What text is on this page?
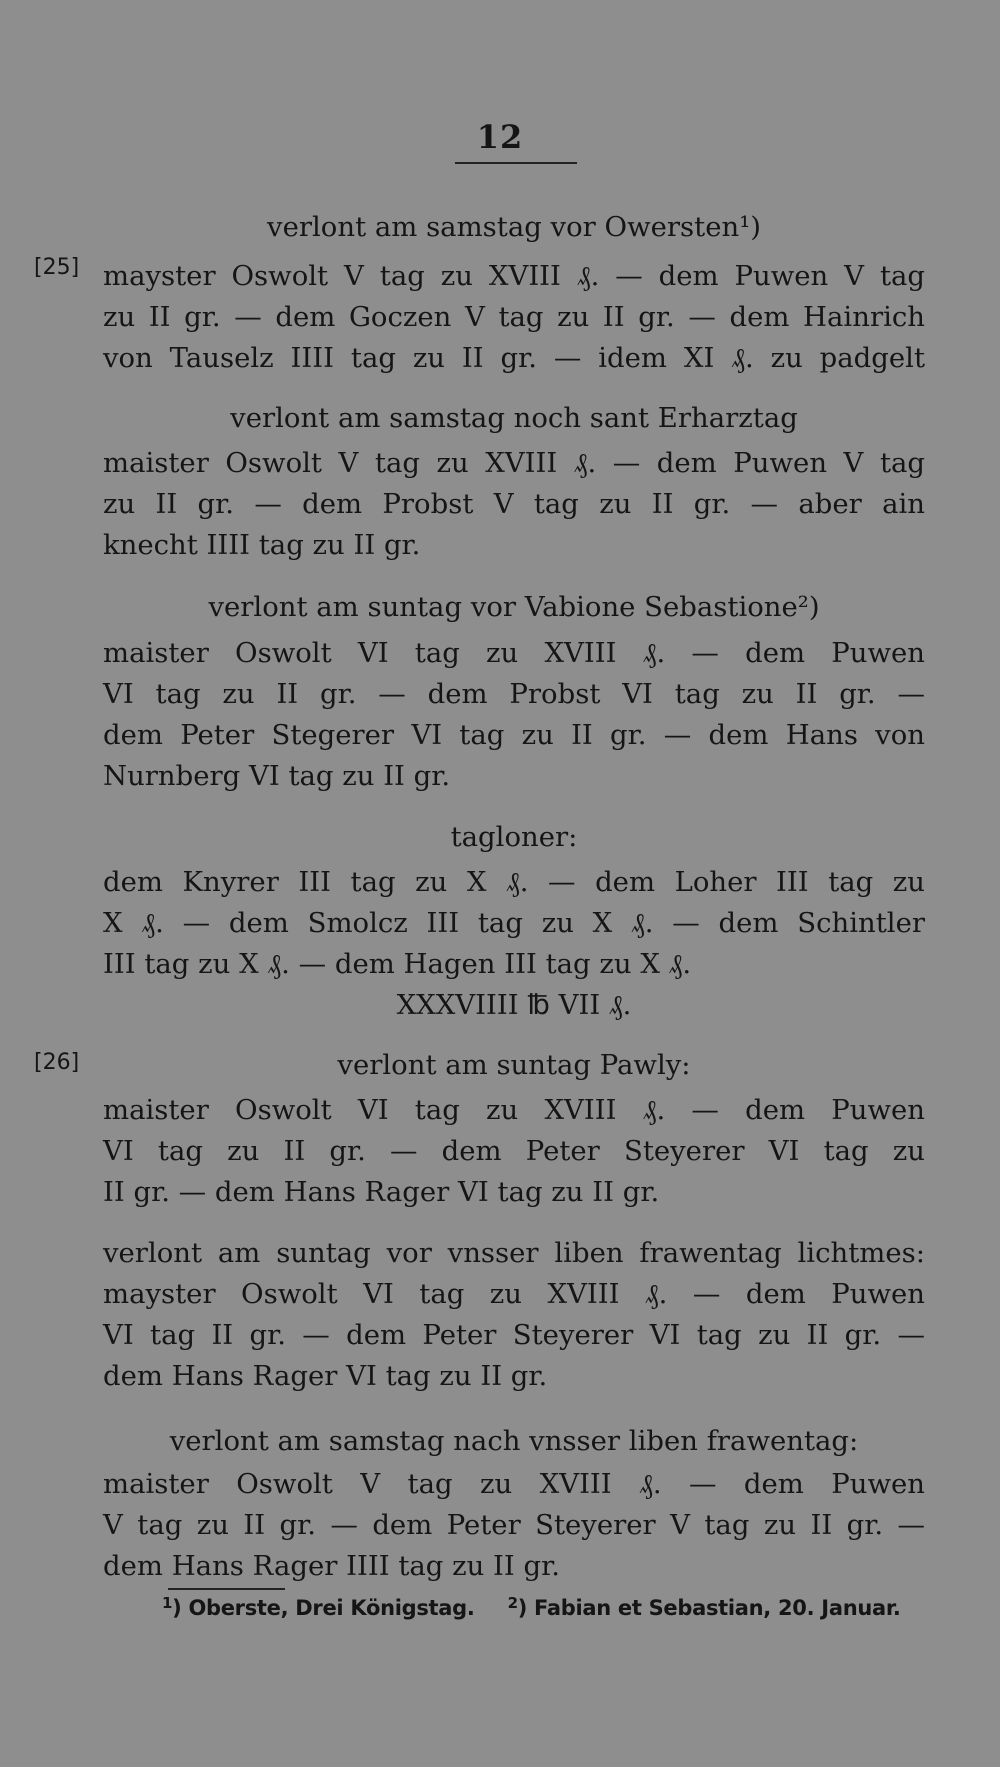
12
[25]
[26]
verlont am samstag vor Owersten¹)
mayster Oswolt V tag zu XVIII ₰. — dem Puwen V tag
zu II gr. — dem Goczen V tag zu II gr. — dem Hainrich
von Tauselz IIII tag zu II gr. — idem XI ₰. zu padgelt
verlont am samstag noch sant Erharztag
maister Oswolt V tag zu XVIII ₰. — dem Puwen V tag
zu II gr. — dem Probst V tag zu II gr. — aber ain
knecht IIII tag zu II gr.
verlont am suntag vor Vabione Sebastione²)
maister Oswolt VI tag zu XVIII ₰. — dem Puwen
VI tag zu II gr. — dem Probst VI tag zu II gr. —
dem Peter Stegerer VI tag zu II gr. — dem Hans von
Nurnberg VI tag zu II gr.
tagloner:
dem Knyrer III tag zu X ₰. — dem Loher III tag zu
X ₰. — dem Smolcz III tag zu X ₰. — dem Schintler
III tag zu X ₰. — dem Hagen III tag zu X ₰.
XXXVIIII ℔ VII ₰.
verlont am suntag Pawly:
maister Oswolt VI tag zu XVIII ₰. — dem Puwen
VI tag zu II gr. — dem Peter Steyerer VI tag zu
II gr. — dem Hans Rager VI tag zu II gr.
verlont am suntag vor vnsser liben frawentag lichtmes:
mayster Oswolt VI tag zu XVIII ₰. — dem Puwen
VI tag II gr. — dem Peter Steyerer VI tag zu II gr. —
dem Hans Rager VI tag zu II gr.
verlont am samstag nach vnsser liben frawentag:
maister Oswolt V tag zu XVIII ₰. — dem Puwen
V tag zu II gr. — dem Peter Steyerer V tag zu II gr. —
dem Hans Rager IIII tag zu II gr.
$^1$) Oberste, Drei Königstag. $^2$) Fabian et Sebastian, 20. Januar.
